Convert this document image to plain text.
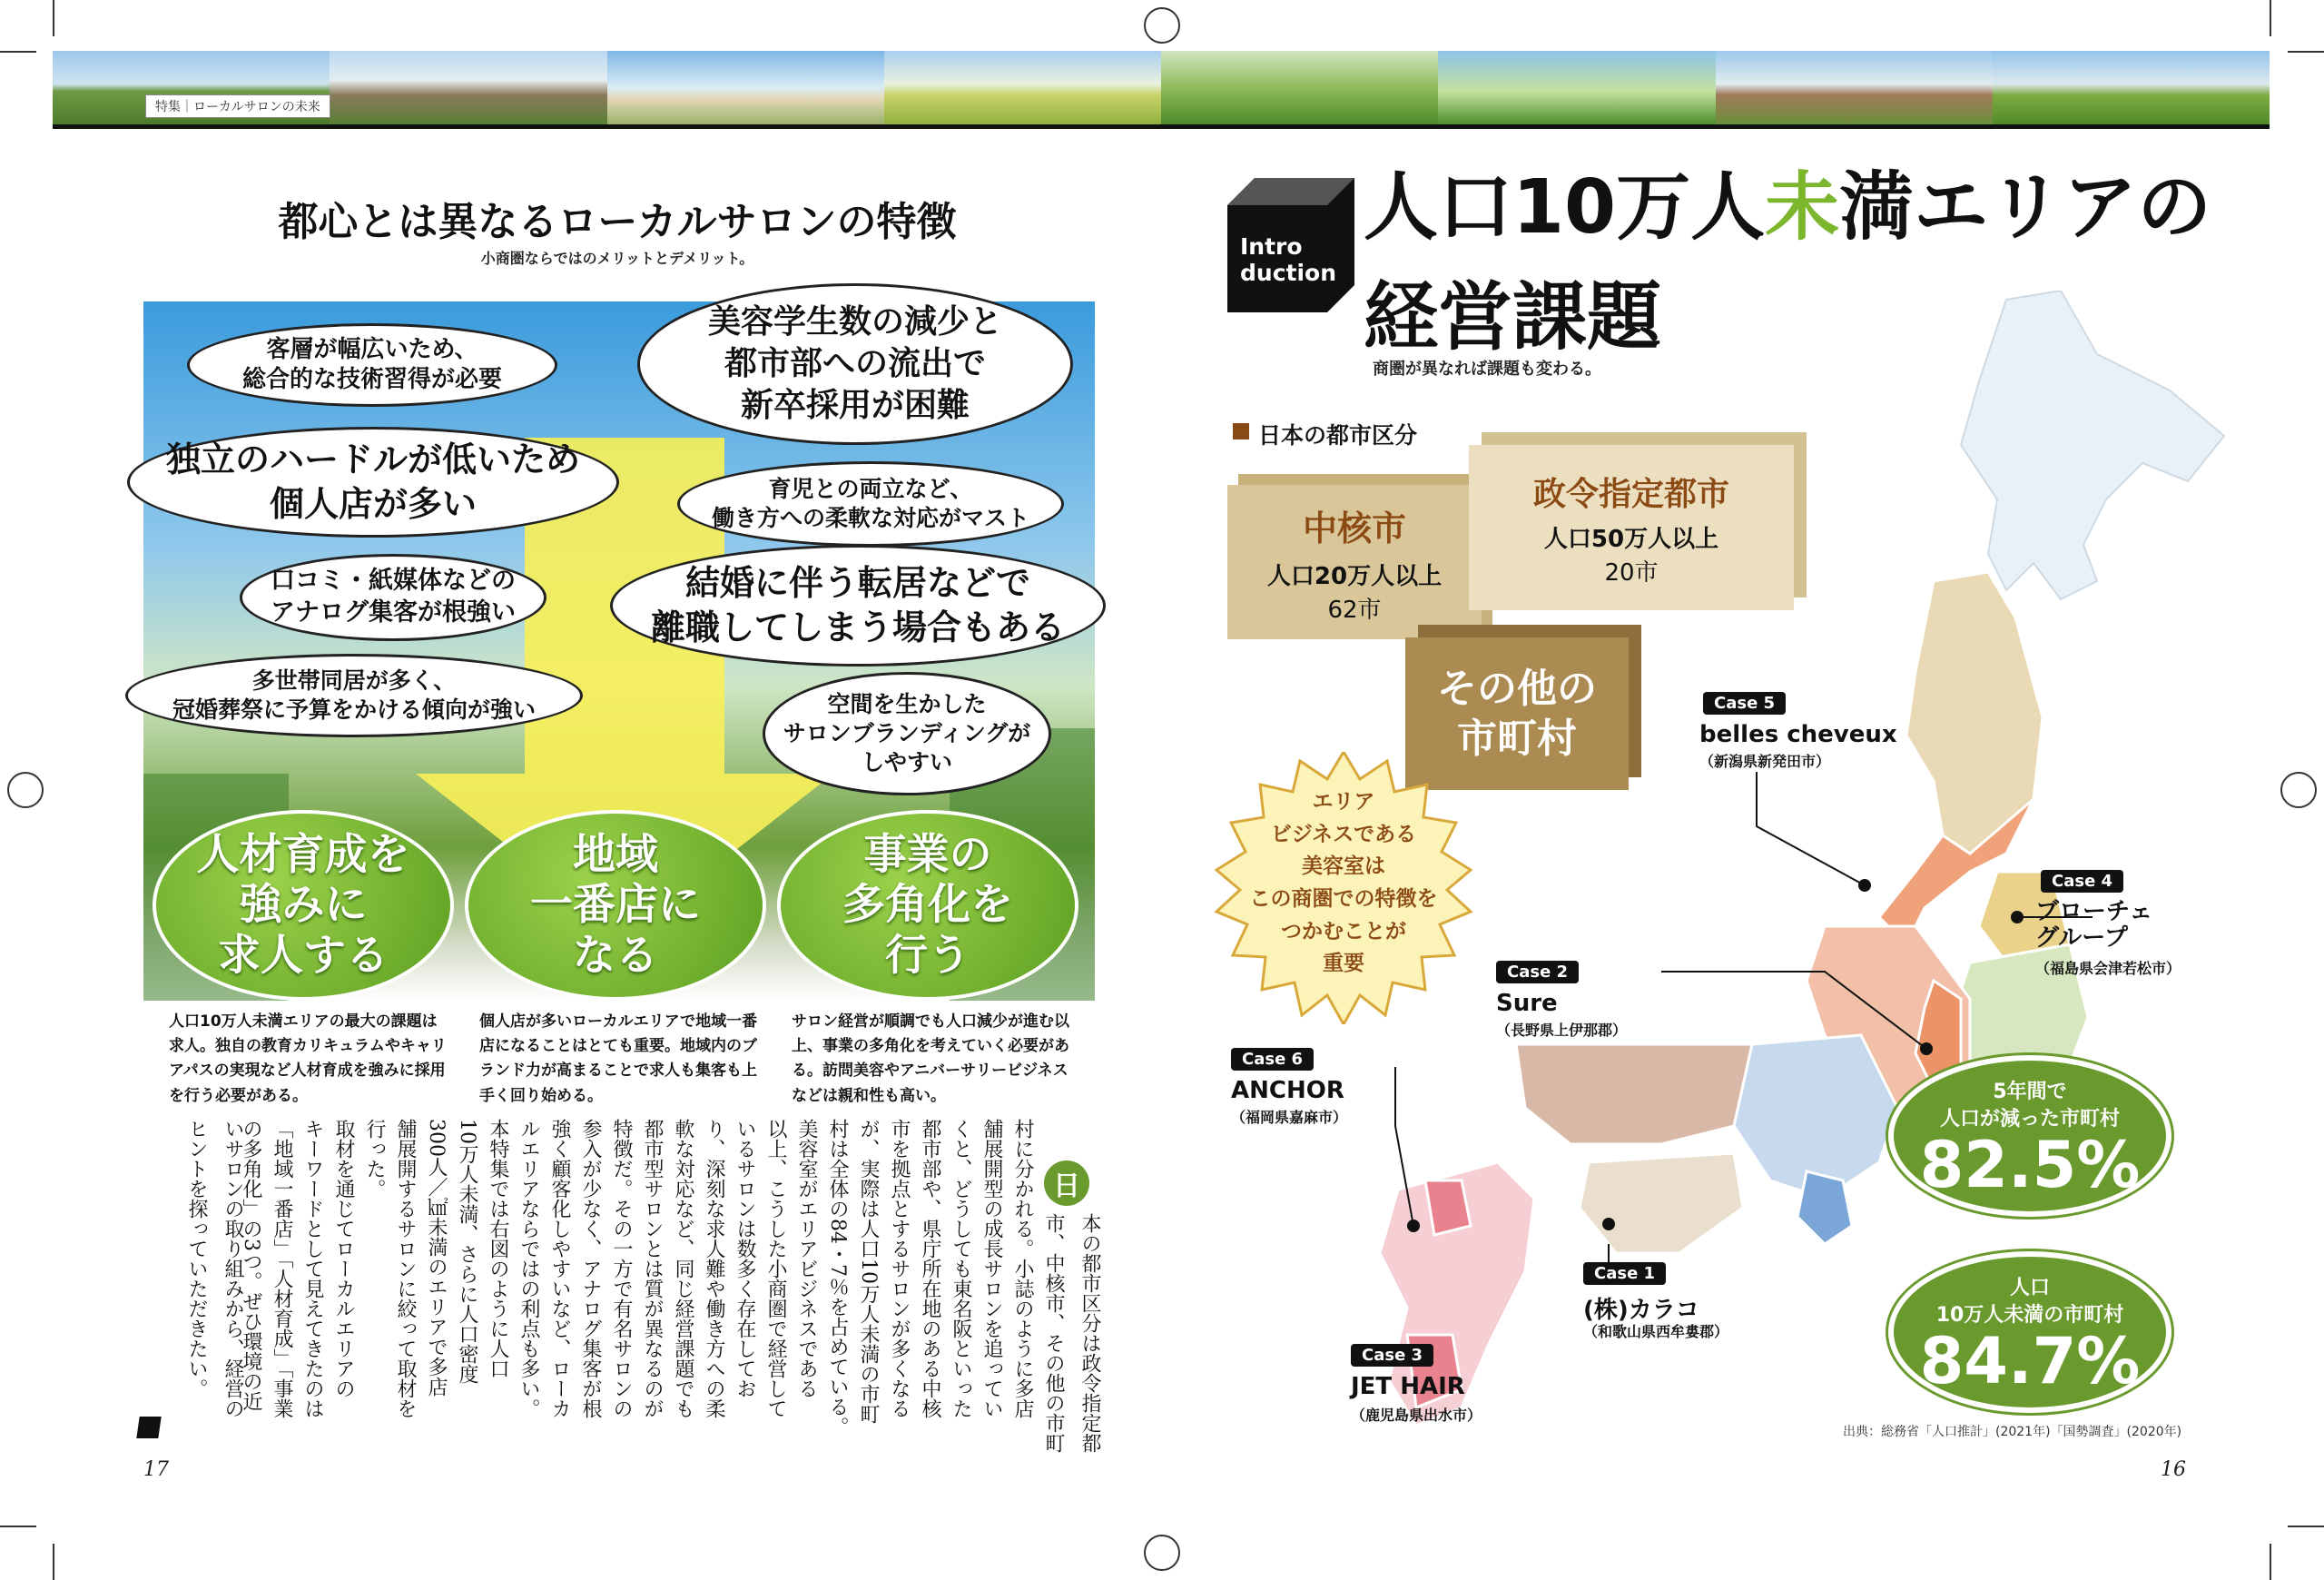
特集｜ローカルサロンの未来
都心とは異なるローカルサロンの特徴
小商圏ならではのメリットとデメリット。
客層が幅広いため、
総合的な技術習得が必要
美容学生数の減少と
都市部への流出で
新卒採用が困難
独立のハードルが低いため
個人店が多い	育児との両立など、
働き方への柔軟な対応がマスト
口コミ・紙媒体などの
アナログ集客が根強い
結婚に伴う転居などで
離職してしまう場合もある
多世帯同居が多く、
冠婚葬祭に予算をかける傾向が強い	空間を生かした
サロンブランディングが
しやすい
人材育成を
強みに
求人する
地域
一番店に
なる
事業の
多角化を
行う
人口10万人未満エリアの最大の課題は求人。独自の教育カリキュラムやキャリアパスの実現など人材育成を強みに採用を行う必要がある。
個人店が多いローカルエリアで地域一番店になることはとても重要。地域内のブランド力が高まることで求人も集客も上手く回り始める。
サロン経営が順調でも人口減少が進む以上、事業の多角化を考えていく必要がある。訪問美容やアニバーサリービジネスなどは親和性も高い。
日
本の都市区分は政令指定都
市、中核市、その他の市町
村に分かれる。小誌のように多店
舗展開型の成長サロンを追ってい
くと、どうしても東名阪といった
都市部や、県庁所在地のある中核
市を拠点とするサロンが多くなる
が、実際は人口10万人未満の市町
村は全体の84・7％を占めている。
美容室がエリアビジネスである
以上、こうした小商圏で経営して
いるサロンは数多く存在してお
り、深刻な求人難や働き方への柔
軟な対応など、同じ経営課題でも
都市型サロンとは質が異なるのが
特徴だ。その一方で有名サロンの
参入が少なく、アナログ集客が根
強く顧客化しやすいなど、ローカ
ルエリアならではの利点も多い。
本特集では右図のように人口
10万人未満、さらに人口密度
300人／㎢未満のエリアで多店
舗展開するサロンに絞って取材を
行った。
取材を通じてローカルエリアの
キーワードとして見えてきたのは
「地域一番店」「人材育成」「事業
の多角化」の3つ。ぜひ環境の近
いサロンの取り組みから、経営の
ヒントを探っていただきたい。
17
Intro
duction
人口10万人未満エリアの
経営課題
商圏が異なれば課題も変わる。
日本の都市区分
中核市
人口20万人以上
62市
政令指定都市
人口50万人以上
20市
その他の
市町村
エリア
ビジネスである
美容室は
この商圏での特徴を
つかむことが
重要
Case 5
belles cheveux
（新潟県新発田市）
Case 4
ブローチェ
グループ
（福島県会津若松市）
Case 2
Sure
（長野県上伊那郡）
Case 6
ANCHOR
（福岡県嘉麻市）
Case 1
(株)カラコ
（和歌山県西牟婁郡）
Case 3
JET HAIR
（鹿児島県出水市）
5年間で
人口が減った市町村
82.5%
人口
10万人未満の市町村
84.7%
出典：総務省「人口推計」(2021年)「国勢調査」(2020年)
16
